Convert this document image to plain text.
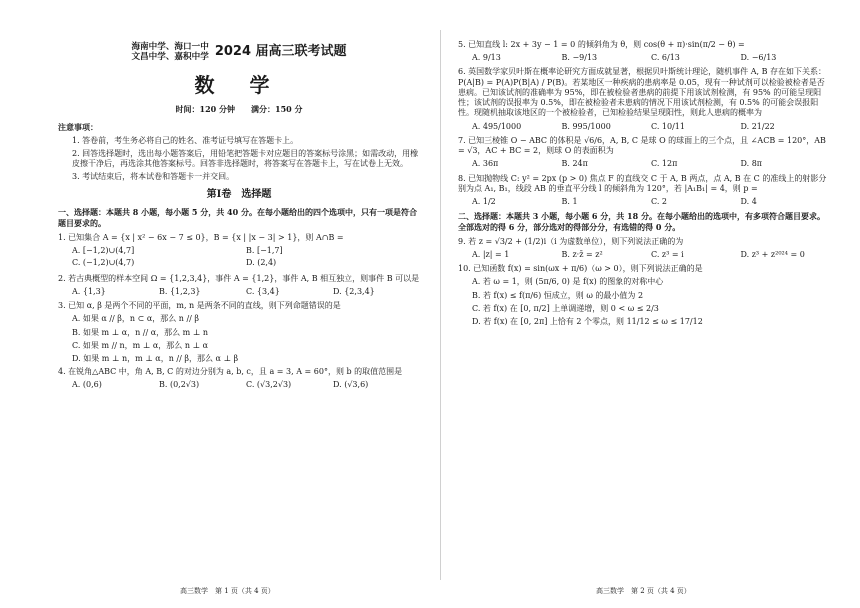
海南中学、海口一中
文昌中学、嘉积中学 2024 届高三联考试题
数 学
时间：120 分钟　　满分：150 分
注意事项：
1. 答卷前，考生务必将自己的姓名、准考证号填写在答题卡上。
2. 回答选择题时，选出每小题答案后，用铅笔把答题卡对应题目的答案标号涂黑；如需改动，用橡皮擦干净后，再选涂其他答案标号。回答非选择题时，将答案写在答题卡上，写在试卷上无效。
3. 考试结束后，将本试卷和答题卡一并交回。
第Ⅰ卷　选择题
一、选择题：本题共 8 小题，每小题 5 分，共 40 分。在每小题给出的四个选项中，只有一项是符合题目要求的。
1. 已知集合 A = {x | x² − 6x − 7 ≤ 0}，B = {x | |x − 3| > 1}，则 A∩B =
A. [−1,2)∪(4,7]	B. [−1,7]
C. (−1,2)∪(4,7)	D. (2,4)
2. 若古典概型的样本空间 Ω = {1,2,3,4}，事件 A = {1,2}，事件 A, B 相互独立，则事件 B 可以是
A. {1,3}	B. {1,2,3}	C. {3,4}	D. {2,3,4}
3. 已知 α, β 是两个不同的平面，m, n 是两条不同的直线，则下列命题错误的是
A. 如果 α // β，n ⊂ α，那么 n // β
B. 如果 m ⊥ α，n // α，那么 m ⊥ n
C. 如果 m // n，m ⊥ α，那么 n ⊥ α
D. 如果 m ⊥ n，m ⊥ α，n // β，那么 α ⊥ β
4. 在锐角△ABC 中，角 A, B, C 的对边分别为 a, b, c，且 a = 3, A = 60°，则 b 的取值范围是
A. (0,6)	B. (0,2√3)	C. (√3,2√3)	D. (√3,6)
5. 已知直线 l: 2x + 3y − 1 = 0 的倾斜角为 θ，则 cos(θ + π)·sin(π/2 − θ) =
A. 9/13	B. −9/13	C. 6/13	D. −6/13
6. 英国数学家贝叶斯在概率论研究方面成就显著，根据贝叶斯统计理论，随机事件 A, B 存在如下关系：P(A|B) = P(A)P(B|A) / P(B)。若某地区一种疾病的患病率是 0.05，现有一种试剂可以检验被检者是否患病。已知该试剂的准确率为 95%，即在被检验者患病的前提下用该试剂检测，有 95% 的可能呈现阳性；该试剂的误报率为 0.5%，即在被检验者未患病的情况下用该试剂检测，有 0.5% 的可能会误报阳性。现随机抽取该地区的一个被检验者，已知检验结果呈现阳性，则此人患病的概率为
A. 495/1000	B. 995/1000	C. 10/11	D. 21/22
7. 已知三棱锥 O − ABC 的体积是 √6/6，A, B, C 是球 O 的球面上的三个点，且 ∠ACB = 120°，AB = √3，AC + BC = 2，则球 O 的表面积为
A. 36π	B. 24π	C. 12π	D. 8π
8. 已知抛物线 C: y² = 2px (p > 0) 焦点 F 的直线交 C 于 A, B 两点，点 A, B 在 C 的准线上的射影分别为点 A₁, B₁，线段 AB 的垂直平分线 l 的倾斜角为 120°，若 |A₁B₁| = 4，则 p =
A. 1/2	B. 1	C. 2	D. 4
二、选择题：本题共 3 小题，每小题 6 分，共 18 分。在每小题给出的选项中，有多项符合题目要求。全部选对的得 6 分，部分选对的得部分分，有选错的得 0 分。
9. 若 z = √3/2 + (1/2)i（i 为虚数单位），则下列说法正确的为
A. |z| = 1	B. z·z̄ = z²	C. z³ = i	D. z³ + z²⁰²⁴ = 0
10. 已知函数 f(x) = sin(ωx + π/6)（ω > 0），则下列说法正确的是
A. 若 ω = 1，则 (5π/6, 0) 是 f(x) 的图象的对称中心
B. 若 f(x) ≤ f(π/6) 恒成立，则 ω 的最小值为 2
C. 若 f(x) 在 [0, π/2] 上单调递增，则 0 < ω ≤ 2/3
D. 若 f(x) 在 [0, 2π] 上恰有 2 个零点，则 11/12 ≤ ω ≤ 17/12
高三数学　第 1 页（共 4 页）	高三数学　第 2 页（共 4 页）
